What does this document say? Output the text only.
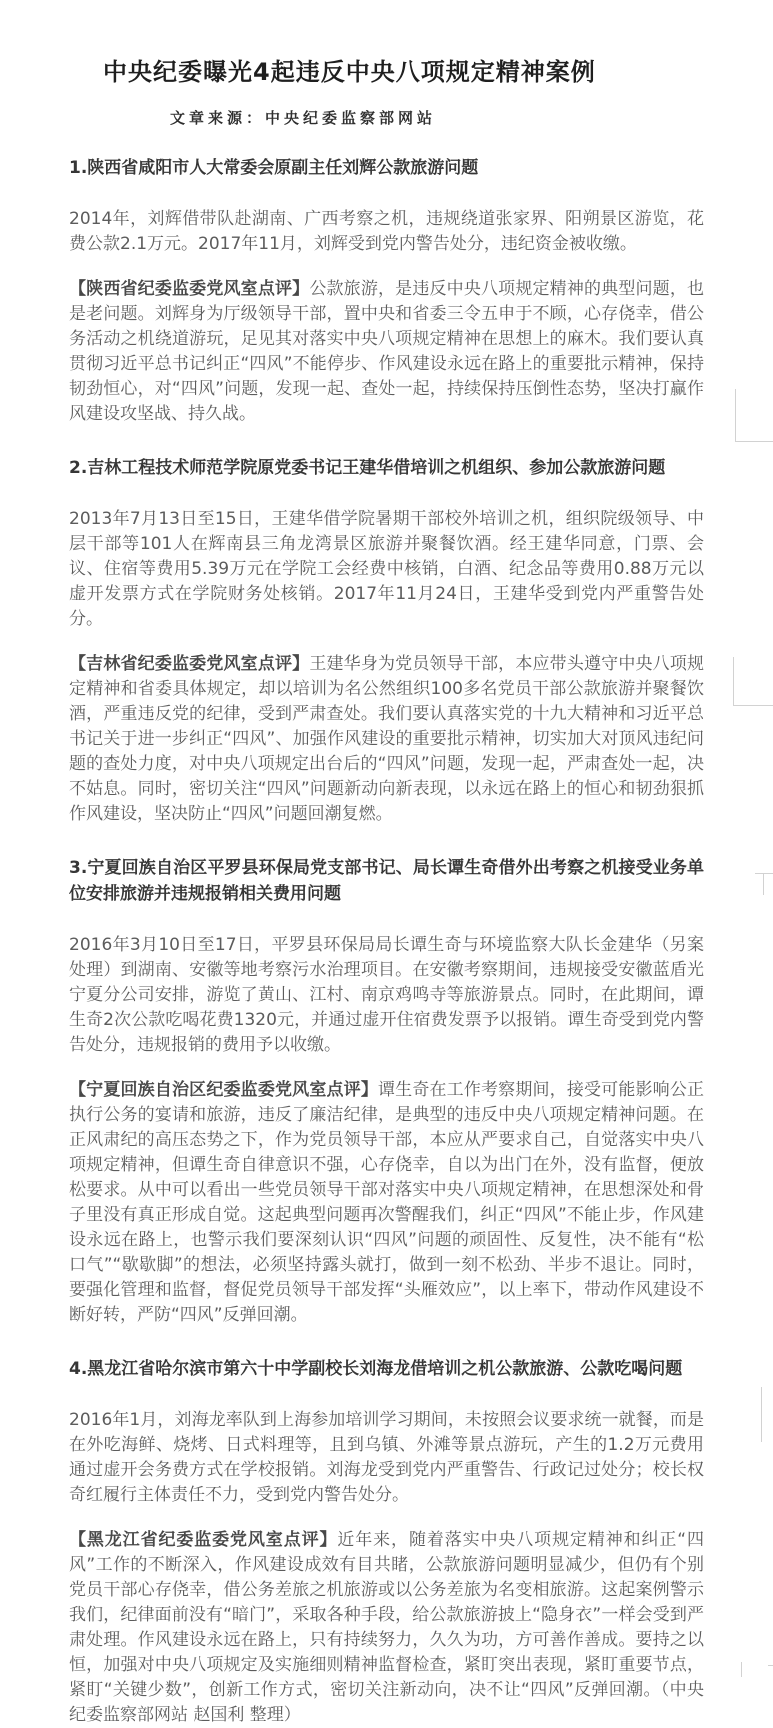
中央纪委曝光4起违反中央八项规定精神案例

文章来源：中央纪委监察部网站

1.陕西省咸阳市人大常委会原副主任刘辉公款旅游问题

2014年，刘辉借带队赴湖南、广西考察之机，违规绕道张家界、阳朔景区游览，花费公款2.1万元。2017年11月，刘辉受到党内警告处分，违纪资金被收缴。

【陕西省纪委监委党风室点评】公款旅游，是违反中央八项规定精神的典型问题，也是老问题。刘辉身为厅级领导干部，置中央和省委三令五申于不顾，心存侥幸，借公务活动之机绕道游玩，足见其对落实中央八项规定精神在思想上的麻木。我们要认真贯彻习近平总书记纠正“四风”不能停步、作风建设永远在路上的重要批示精神，保持韧劲恒心，对“四风”问题，发现一起、查处一起，持续保持压倒性态势，坚决打赢作风建设攻坚战、持久战。

2.吉林工程技术师范学院原党委书记王建华借培训之机组织、参加公款旅游问题

2013年7月13日至15日，王建华借学院暑期干部校外培训之机，组织院级领导、中层干部等101人在辉南县三角龙湾景区旅游并聚餐饮酒。经王建华同意，门票、会议、住宿等费用5.39万元在学院工会经费中核销，白酒、纪念品等费用0.88万元以虚开发票方式在学院财务处核销。2017年11月24日，王建华受到党内严重警告处分。

【吉林省纪委监委党风室点评】王建华身为党员领导干部，本应带头遵守中央八项规定精神和省委具体规定，却以培训为名公然组织100多名党员干部公款旅游并聚餐饮酒，严重违反党的纪律，受到严肃查处。我们要认真落实党的十九大精神和习近平总书记关于进一步纠正“四风”、加强作风建设的重要批示精神，切实加大对顶风违纪问题的查处力度，对中央八项规定出台后的“四风”问题，发现一起，严肃查处一起，决不姑息。同时，密切关注“四风”问题新动向新表现，以永远在路上的恒心和韧劲狠抓作风建设，坚决防止“四风”问题回潮复燃。

3.宁夏回族自治区平罗县环保局党支部书记、局长谭生奇借外出考察之机接受业务单位安排旅游并违规报销相关费用问题

2016年3月10日至17日，平罗县环保局局长谭生奇与环境监察大队长金建华（另案处理）到湖南、安徽等地考察污水治理项目。在安徽考察期间，违规接受安徽蓝盾光宁夏分公司安排，游览了黄山、江村、南京鸡鸣寺等旅游景点。同时，在此期间，谭生奇2次公款吃喝花费1320元，并通过虚开住宿费发票予以报销。谭生奇受到党内警告处分，违规报销的费用予以收缴。

【宁夏回族自治区纪委监委党风室点评】谭生奇在工作考察期间，接受可能影响公正执行公务的宴请和旅游，违反了廉洁纪律，是典型的违反中央八项规定精神问题。在正风肃纪的高压态势之下，作为党员领导干部，本应从严要求自己，自觉落实中央八项规定精神，但谭生奇自律意识不强，心存侥幸，自以为出门在外，没有监督，便放松要求。从中可以看出一些党员领导干部对落实中央八项规定精神，在思想深处和骨子里没有真正形成自觉。这起典型问题再次警醒我们，纠正“四风”不能止步，作风建设永远在路上，也警示我们要深刻认识“四风”问题的顽固性、反复性，决不能有“松口气”“歇歇脚”的想法，必须坚持露头就打，做到一刻不松劲、半步不退让。同时，要强化管理和监督，督促党员领导干部发挥“头雁效应”，以上率下，带动作风建设不断好转，严防“四风”反弹回潮。

4.黑龙江省哈尔滨市第六十中学副校长刘海龙借培训之机公款旅游、公款吃喝问题

2016年1月，刘海龙率队到上海参加培训学习期间，未按照会议要求统一就餐，而是在外吃海鲜、烧烤、日式料理等，且到乌镇、外滩等景点游玩，产生的1.2万元费用通过虚开会务费方式在学校报销。刘海龙受到党内严重警告、行政记过处分；校长权奇红履行主体责任不力，受到党内警告处分。

【黑龙江省纪委监委党风室点评】近年来，随着落实中央八项规定精神和纠正“四风”工作的不断深入，作风建设成效有目共睹，公款旅游问题明显减少，但仍有个别党员干部心存侥幸，借公务差旅之机旅游或以公务差旅为名变相旅游。这起案例警示我们，纪律面前没有“暗门”，采取各种手段，给公款旅游披上“隐身衣”一样会受到严肃处理。作风建设永远在路上，只有持续努力，久久为功，方可善作善成。要持之以恒，加强对中央八项规定及实施细则精神监督检查，紧盯突出表现，紧盯重要节点，紧盯“关键少数”，创新工作方式，密切关注新动向，决不让“四风”反弹回潮。（中央纪委监察部网站 赵国利 整理）
